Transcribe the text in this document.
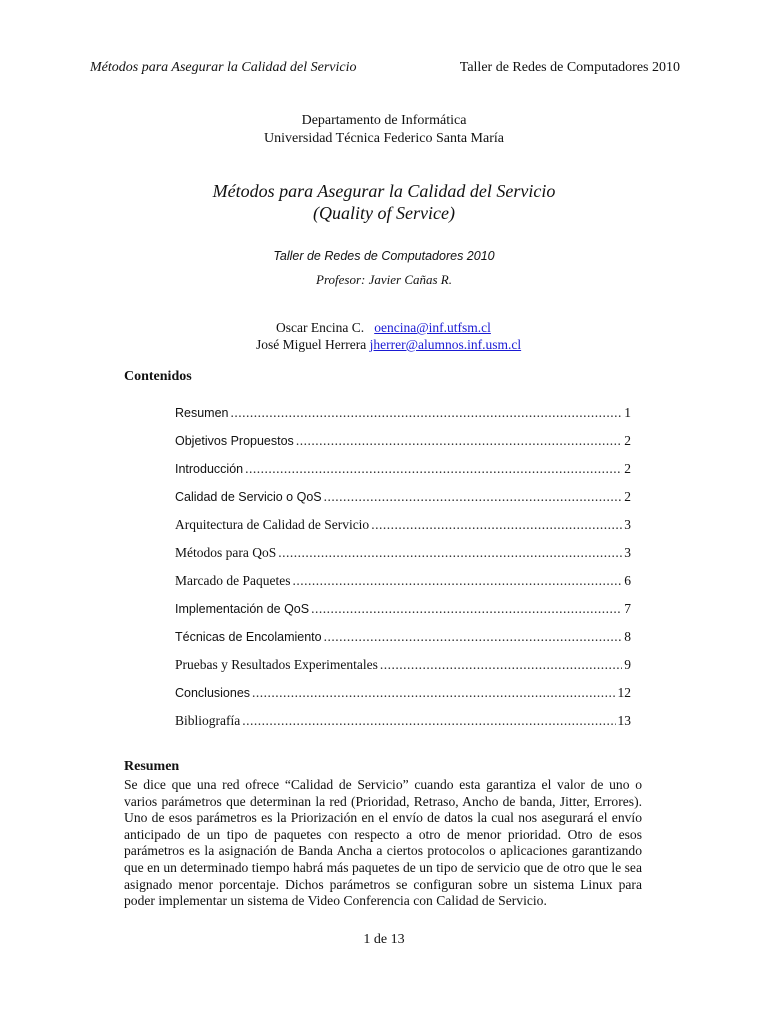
Métodos para Asegurar la Calidad del Servicio	Taller de Redes de Computadores 2010
Departamento de Informática
Universidad Técnica Federico Santa María
Métodos para Asegurar la Calidad del Servicio
(Quality of Service)
Taller de Redes de Computadores 2010
Profesor: Javier Cañas R.
Oscar Encina C. oencina@inf.utfsm.cl
José Miguel Herrera jherrer@alumnos.inf.usm.cl
Contenidos
Resumen .....	1
Objetivos Propuestos .....	2
Introducción .....	2
Calidad de Servicio o QoS .....	2
Arquitectura de Calidad de Servicio .....	3
Métodos para QoS .....	3
Marcado de Paquetes .....	6
Implementación de QoS .....	7
Técnicas de Encolamiento .....	8
Pruebas y Resultados Experimentales .....	9
Conclusiones .....	12
Bibliografía .....	13
Resumen
Se dice que una red ofrece “Calidad de Servicio” cuando esta garantiza el valor de uno o varios parámetros que determinan la red (Prioridad, Retraso, Ancho de banda, Jitter, Errores). Uno de esos parámetros es la Priorización en el envío de datos la cual nos asegurará el envío anticipado de un tipo de paquetes con respecto a otro de menor prioridad. Otro de esos parámetros es la asignación de Banda Ancha a ciertos protocolos o aplicaciones garantizando que en un determinado tiempo habrá más paquetes de un tipo de servicio que de otro que le sea asignado menor porcentaje. Dichos parámetros se configuran sobre un sistema Linux para poder implementar un sistema de Video Conferencia con Calidad de Servicio.
1 de 13
